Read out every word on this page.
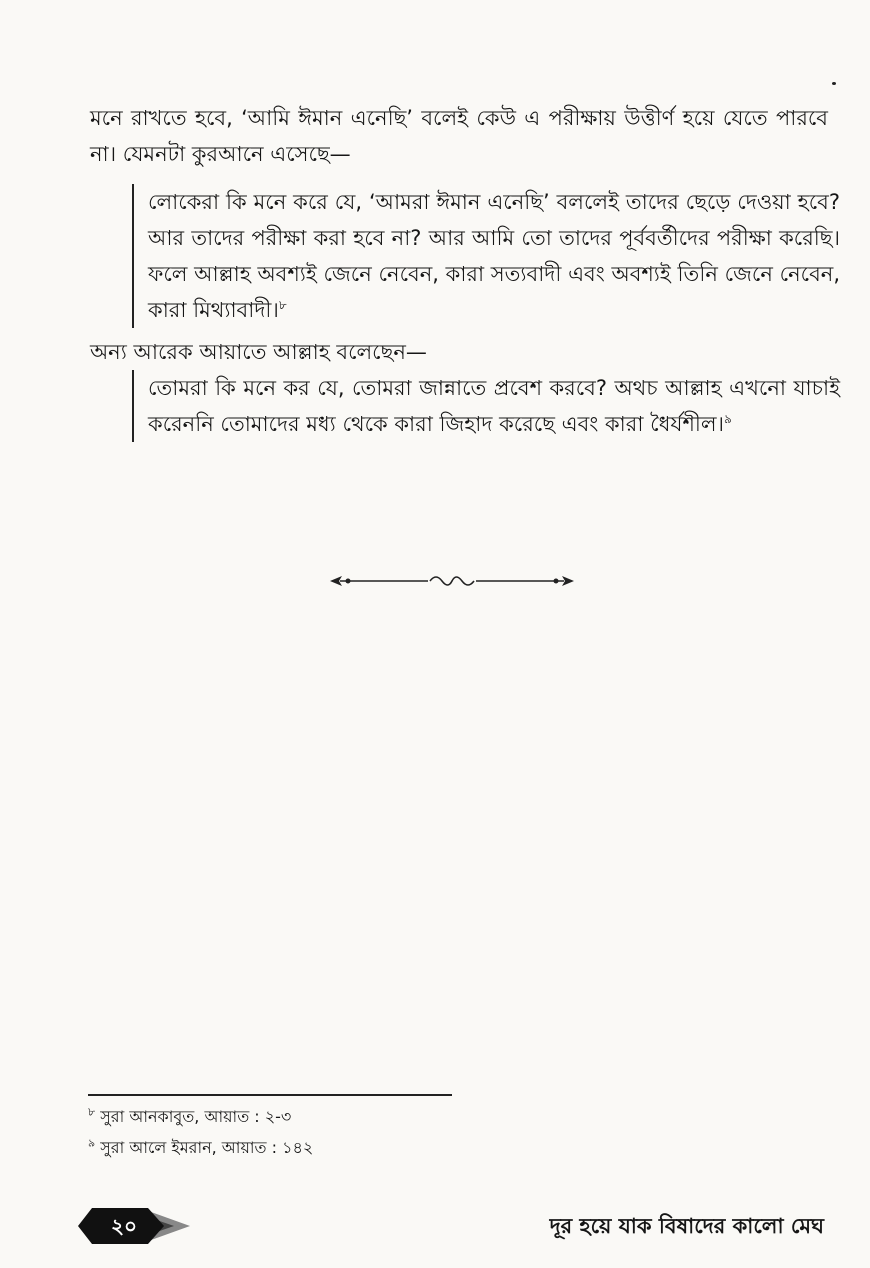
মনে রাখতে হবে, ‘আমি ঈমান এনেছি’ বলেই কেউ এ পরীক্ষায় উত্তীর্ণ হয়ে যেতে পারবে না। যেমনটা কুরআনে এসেছে—

লোকেরা কি মনে করে যে, ‘আমরা ঈমান এনেছি’ বললেই তাদের ছেড়ে দেওয়া হবে? আর তাদের পরীক্ষা করা হবে না? আর আমি তো তাদের পূর্ববর্তীদের পরীক্ষা করেছি। ফলে আল্লাহ অবশ্যই জেনে নেবেন, কারা সত্যবাদী এবং অবশ্যই তিনি জেনে নেবেন, কারা মিথ্যাবাদী।$^৮$

অন্য আরেক আয়াতে আল্লাহ বলেছেন—

তোমরা কি মনে কর যে, তোমরা জান্নাতে প্রবেশ করবে? অথচ আল্লাহ এখনো যাচাই করেননি তোমাদের মধ্য থেকে কারা জিহাদ করেছে এবং কারা ধৈর্যশীল।$^৯$

$^৮$ সুরা আনকাবুত, আয়াত : ২-৩

$^৯$ সুরা আলে ইমরান, আয়াত : ১৪২

২০	দূর হয়ে যাক বিষাদের কালো মেঘ
